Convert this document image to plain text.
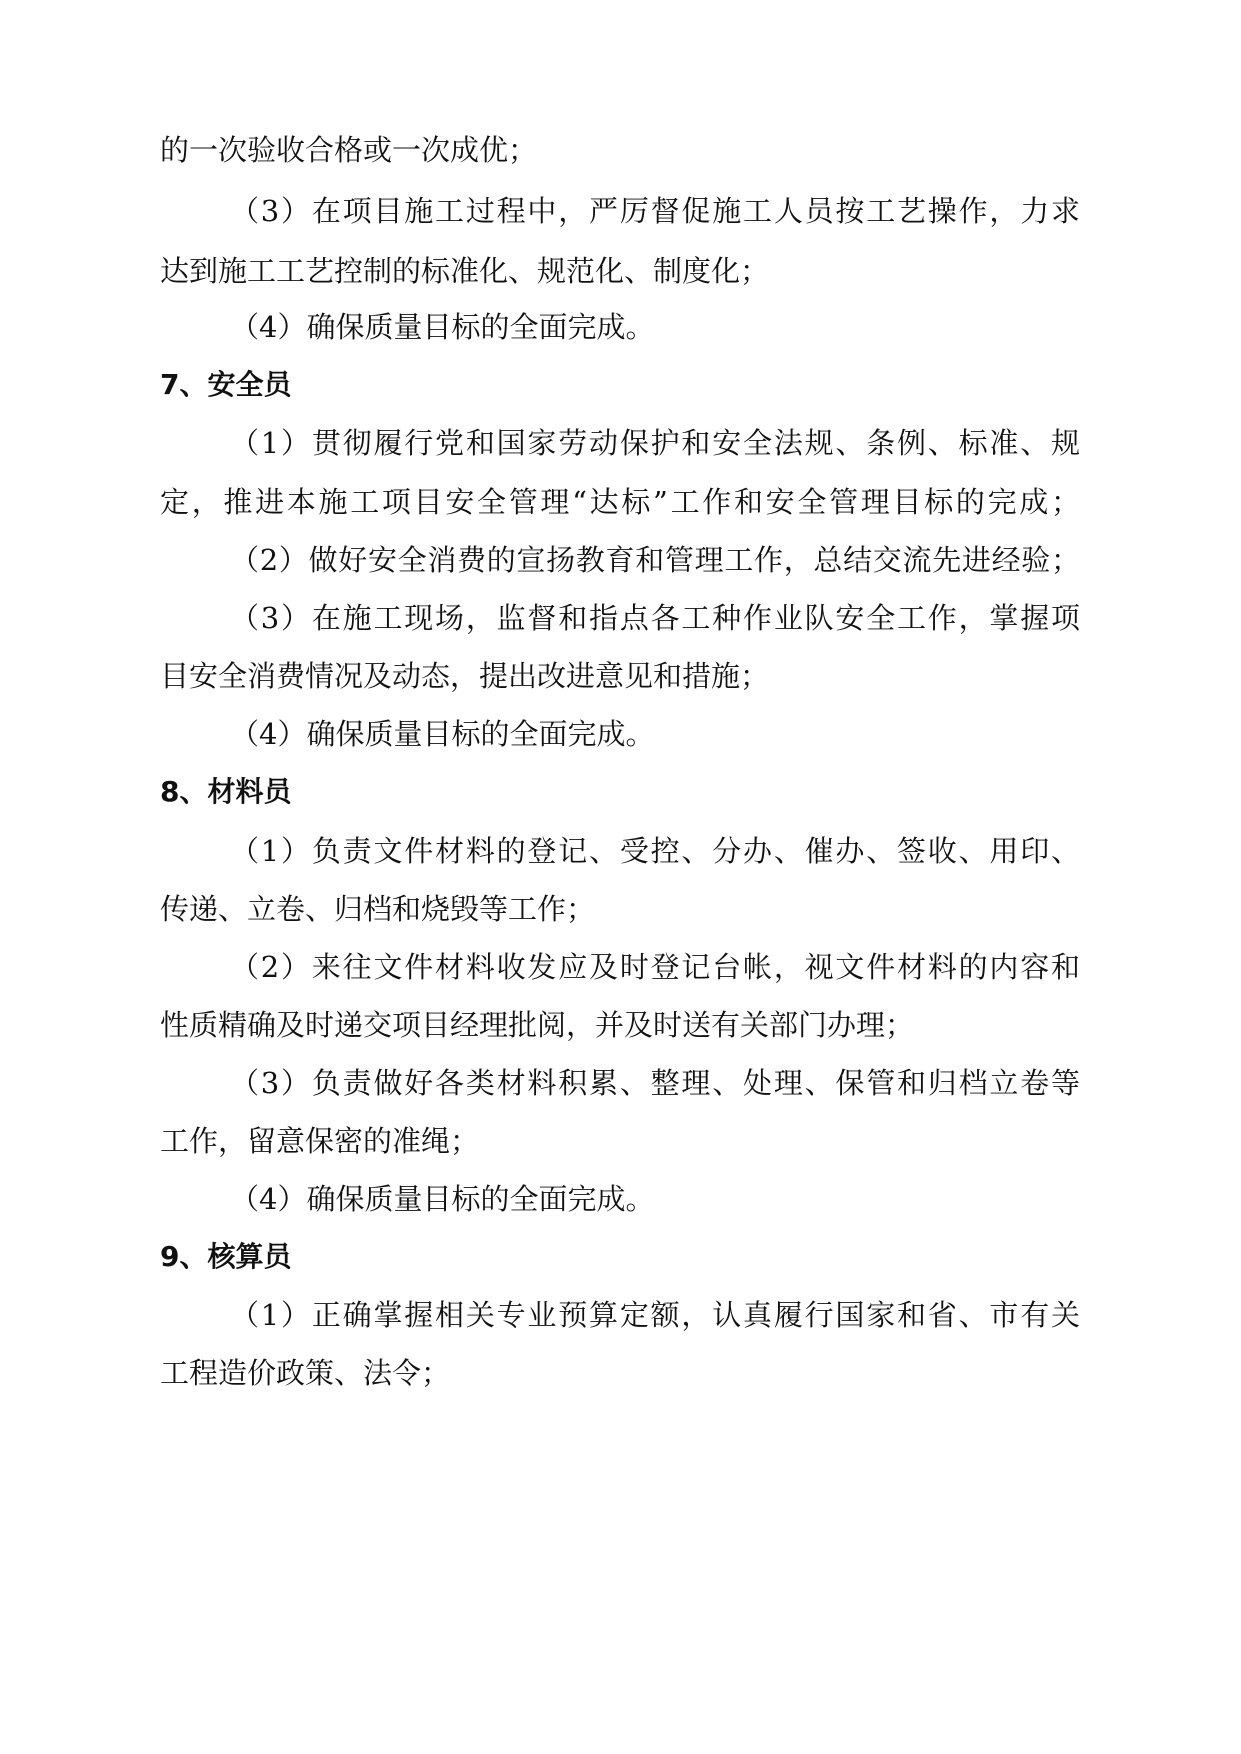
的一次验收合格或一次成优；
（3）在项目施工过程中，严厉督促施工人员按工艺操作，力求
达到施工工艺控制的标准化、规范化、制度化；
（4）确保质量目标的全面完成。
7、安全员
（1）贯彻履行党和国家劳动保护和安全法规、条例、标准、规
定，推进本施工项目安全管理“达标”工作和安全管理目标的完成；
（2）做好安全消费的宣扬教育和管理工作，总结交流先进经验；
（3）在施工现场，监督和指点各工种作业队安全工作，掌握项
目安全消费情况及动态，提出改进意见和措施；
（4）确保质量目标的全面完成。
8、材料员
（1）负责文件材料的登记、受控、分办、催办、签收、用印、
传递、立卷、归档和烧毁等工作；
（2）来往文件材料收发应及时登记台帐，视文件材料的内容和
性质精确及时递交项目经理批阅，并及时送有关部门办理；
（3）负责做好各类材料积累、整理、处理、保管和归档立卷等
工作，留意保密的准绳；
（4）确保质量目标的全面完成。
9、核算员
（1）正确掌握相关专业预算定额，认真履行国家和省、市有关
工程造价政策、法令；
